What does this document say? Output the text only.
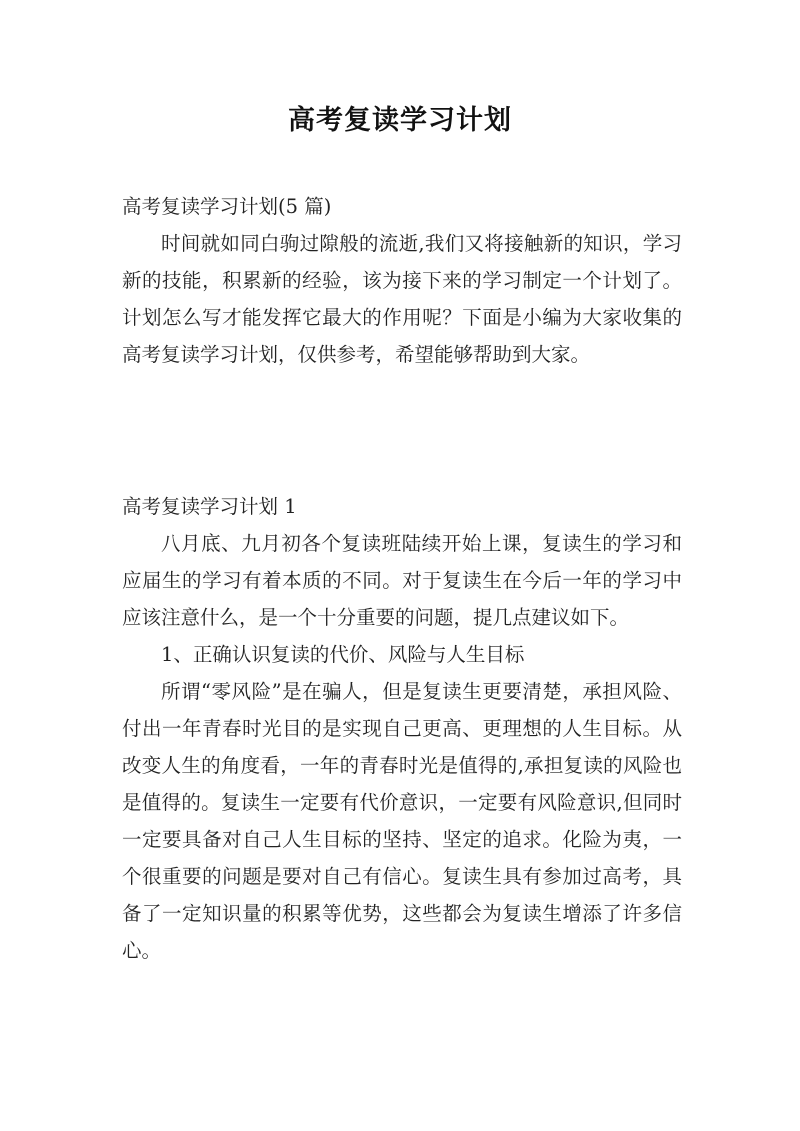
高考复读学习计划
高考复读学习计划(5 篇)
时间就如同白驹过隙般的流逝,我们又将接触新的知识，学习新的技能，积累新的经验，该为接下来的学习制定一个计划了。计划怎么写才能发挥它最大的作用呢？下面是小编为大家收集的高考复读学习计划，仅供参考，希望能够帮助到大家。
高考复读学习计划 1
八月底、九月初各个复读班陆续开始上课，复读生的学习和应届生的学习有着本质的不同。对于复读生在今后一年的学习中应该注意什么，是一个十分重要的问题，提几点建议如下。
1、正确认识复读的代价、风险与人生目标
所谓“零风险”是在骗人，但是复读生更要清楚，承担风险、付出一年青春时光目的是实现自己更高、更理想的人生目标。从改变人生的角度看，一年的青春时光是值得的,承担复读的风险也是值得的。复读生一定要有代价意识，一定要有风险意识,但同时一定要具备对自己人生目标的坚持、坚定的追求。化险为夷，一个很重要的问题是要对自己有信心。复读生具有参加过高考，具备了一定知识量的积累等优势，这些都会为复读生增添了许多信心。
